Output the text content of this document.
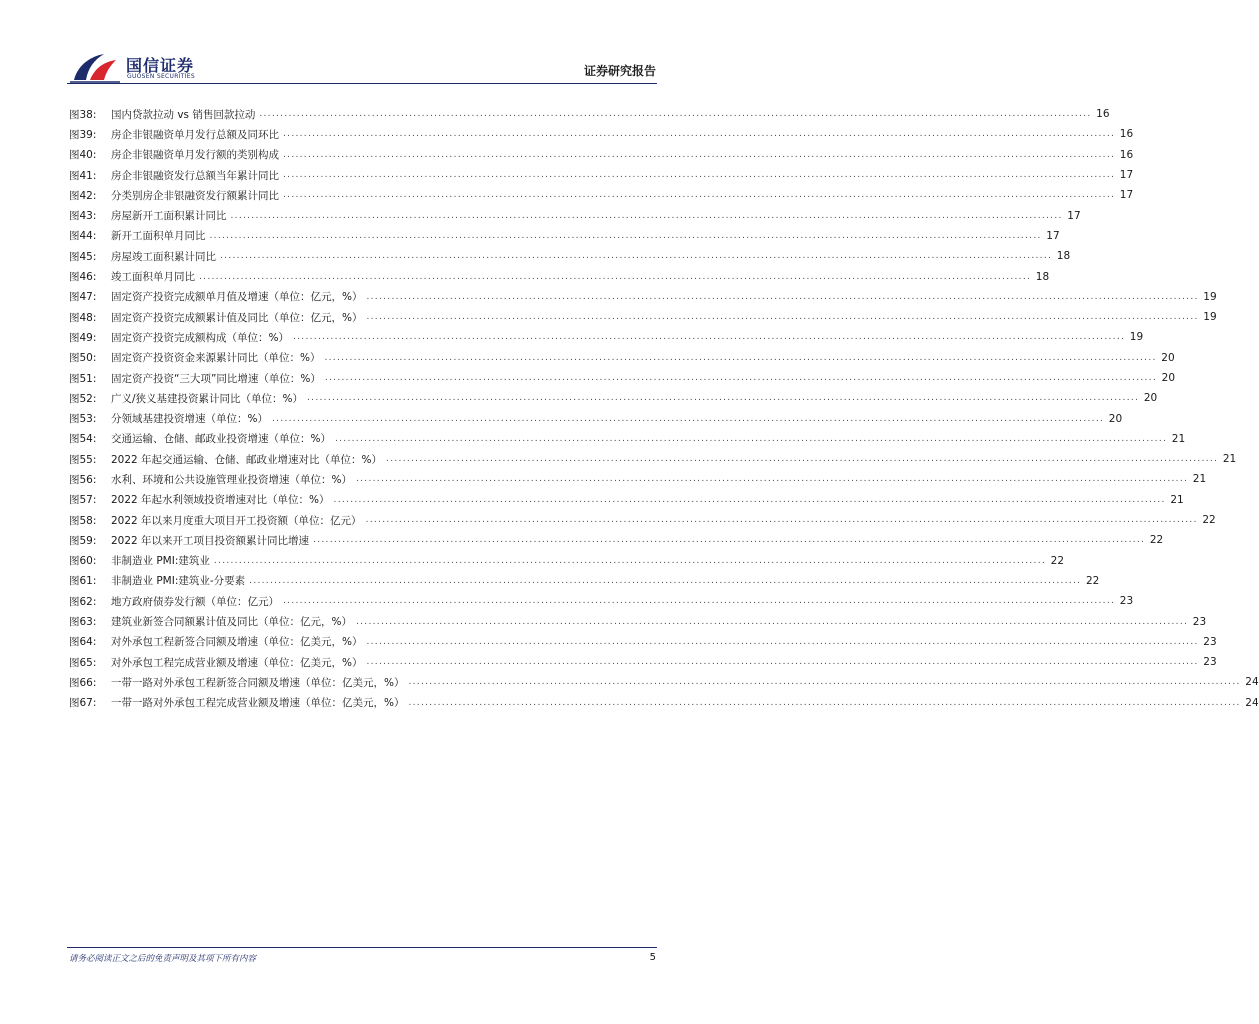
国信证券
GUOSEN SECURITIES	证券研究报告
图38:	国内贷款拉动 vs 销售回款拉动 ........................................................................................................................................................................................................ 16
图39:	房企非银融资单月发行总额及同环比 ........................................................................................................................................................................................................ 16
图40:	房企非银融资单月发行额的类别构成 ........................................................................................................................................................................................................ 16
图41:	房企非银融资发行总额当年累计同比 ........................................................................................................................................................................................................ 17
图42:	分类别房企非银融资发行额累计同比 ........................................................................................................................................................................................................ 17
图43:	房屋新开工面积累计同比 ........................................................................................................................................................................................................ 17
图44:	新开工面积单月同比 ........................................................................................................................................................................................................ 17
图45:	房屋竣工面积累计同比 ........................................................................................................................................................................................................ 18
图46:	竣工面积单月同比 ........................................................................................................................................................................................................ 18
图47:	固定资产投资完成额单月值及增速（单位：亿元，%） ........................................................................................................................................................................................................ 19
图48:	固定资产投资完成额累计值及同比（单位：亿元，%） ........................................................................................................................................................................................................ 19
图49:	固定资产投资完成额构成（单位：%） ........................................................................................................................................................................................................ 19
图50:	固定资产投资资金来源累计同比（单位：%） ........................................................................................................................................................................................................ 20
图51:	固定资产投资“三大项”同比增速（单位：%） ........................................................................................................................................................................................................ 20
图52:	广义/狭义基建投资累计同比（单位：%） ........................................................................................................................................................................................................ 20
图53:	分领域基建投资增速（单位：%） ........................................................................................................................................................................................................ 20
图54:	交通运输、仓储、邮政业投资增速（单位：%） ........................................................................................................................................................................................................ 21
图55:	2022 年起交通运输、仓储、邮政业增速对比（单位：%） ........................................................................................................................................................................................................ 21
图56:	水利、环境和公共设施管理业投资增速（单位：%） ........................................................................................................................................................................................................ 21
图57:	2022 年起水利领域投资增速对比（单位：%） ........................................................................................................................................................................................................ 21
图58:	2022 年以来月度重大项目开工投资额（单位：亿元） ........................................................................................................................................................................................................ 22
图59:	2022 年以来开工项目投资额累计同比增速 ........................................................................................................................................................................................................ 22
图60:	非制造业 PMI:建筑业 ........................................................................................................................................................................................................ 22
图61:	非制造业 PMI:建筑业-分要素 ........................................................................................................................................................................................................ 22
图62:	地方政府债券发行额（单位：亿元） ........................................................................................................................................................................................................ 23
图63:	建筑业新签合同额累计值及同比（单位：亿元，%） ........................................................................................................................................................................................................ 23
图64:	对外承包工程新签合同额及增速（单位：亿美元，%） ........................................................................................................................................................................................................ 23
图65:	对外承包工程完成营业额及增速（单位：亿美元，%） ........................................................................................................................................................................................................ 23
图66:	一带一路对外承包工程新签合同额及增速（单位：亿美元，%） ........................................................................................................................................................................................................ 24
图67:	一带一路对外承包工程完成营业额及增速（单位：亿美元，%） ........................................................................................................................................................................................................ 24
请务必阅读正文之后的免责声明及其项下所有内容	5
